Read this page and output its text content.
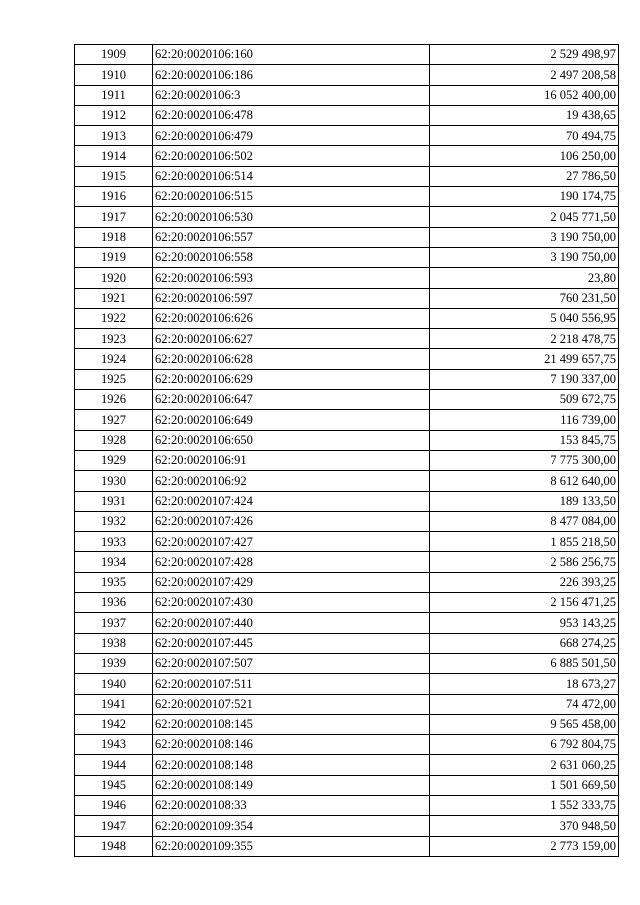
1909	62:20:0020106:160	2 529 498,97
1910	62:20:0020106:186	2 497 208,58
1911	62:20:0020106:3	16 052 400,00
1912	62:20:0020106:478	19 438,65
1913	62:20:0020106:479	70 494,75
1914	62:20:0020106:502	106 250,00
1915	62:20:0020106:514	27 786,50
1916	62:20:0020106:515	190 174,75
1917	62:20:0020106:530	2 045 771,50
1918	62:20:0020106:557	3 190 750,00
1919	62:20:0020106:558	3 190 750,00
1920	62:20:0020106:593	23,80
1921	62:20:0020106:597	760 231,50
1922	62:20:0020106:626	5 040 556,95
1923	62:20:0020106:627	2 218 478,75
1924	62:20:0020106:628	21 499 657,75
1925	62:20:0020106:629	7 190 337,00
1926	62:20:0020106:647	509 672,75
1927	62:20:0020106:649	116 739,00
1928	62:20:0020106:650	153 845,75
1929	62:20:0020106:91	7 775 300,00
1930	62:20:0020106:92	8 612 640,00
1931	62:20:0020107:424	189 133,50
1932	62:20:0020107:426	8 477 084,00
1933	62:20:0020107:427	1 855 218,50
1934	62:20:0020107:428	2 586 256,75
1935	62:20:0020107:429	226 393,25
1936	62:20:0020107:430	2 156 471,25
1937	62:20:0020107:440	953 143,25
1938	62:20:0020107:445	668 274,25
1939	62:20:0020107:507	6 885 501,50
1940	62:20:0020107:511	18 673,27
1941	62:20:0020107:521	74 472,00
1942	62:20:0020108:145	9 565 458,00
1943	62:20:0020108:146	6 792 804,75
1944	62:20:0020108:148	2 631 060,25
1945	62:20:0020108:149	1 501 669,50
1946	62:20:0020108:33	1 552 333,75
1947	62:20:0020109:354	370 948,50
1948	62:20:0020109:355	2 773 159,00
